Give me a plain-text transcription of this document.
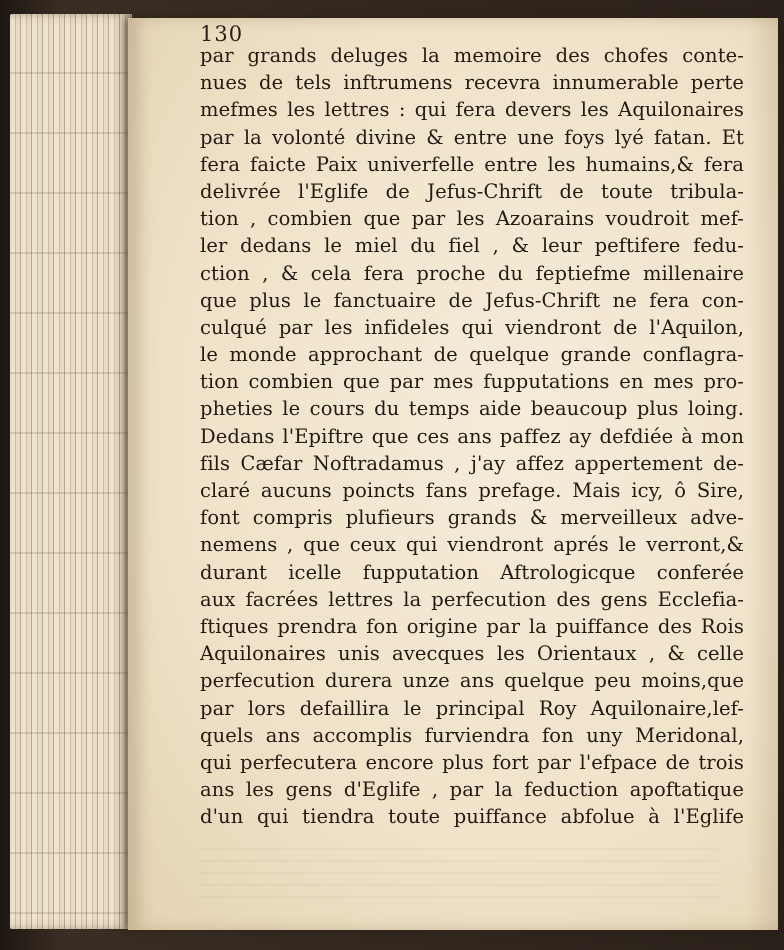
130
par grands deluges la memoire des chofes conte-
nues de tels inftrumens recevra innumerable perte
mefmes les lettres : qui fera devers les Aquilonaires
par la volonté divine & entre une foys lyé fatan. Et
fera faicte Paix univerfelle entre les humains,& fera
delivrée l'Eglife de Jefus-Chrift de toute tribula-
tion , combien que par les Azoarains voudroit mef-
ler dedans le miel du fiel , & leur peftifere fedu-
ction , & cela fera proche du feptiefme millenaire
que plus le fanctuaire de Jefus-Chrift ne fera con-
culqué par les infideles qui viendront de l'Aquilon,
le monde approchant de quelque grande conflagra-
tion combien que par mes fupputations en mes pro-
pheties le cours du temps aide beaucoup plus loing.
Dedans l'Epiftre que ces ans paffez ay defdiée à mon
fils Cæfar Noftradamus , j'ay affez appertement de-
claré aucuns poincts fans prefage. Mais icy, ô Sire,
font compris plufieurs grands & merveilleux adve-
nemens , que ceux qui viendront aprés le verront,&
durant icelle fupputation Aftrologicque conferée
aux facrées lettres la perfecution des gens Ecclefia-
ftiques prendra fon origine par la puiffance des Rois
Aquilonaires unis avecques les Orientaux , & celle
perfecution durera unze ans quelque peu moins,que
par lors defaillira le principal Roy Aquilonaire,lef-
quels ans accomplis furviendra fon uny Meridonal,
qui perfecutera encore plus fort par l'efpace de trois
ans les gens d'Eglife , par la feduction apoftatique
d'un qui tiendra toute puiffance abfolue à l'Eglife
